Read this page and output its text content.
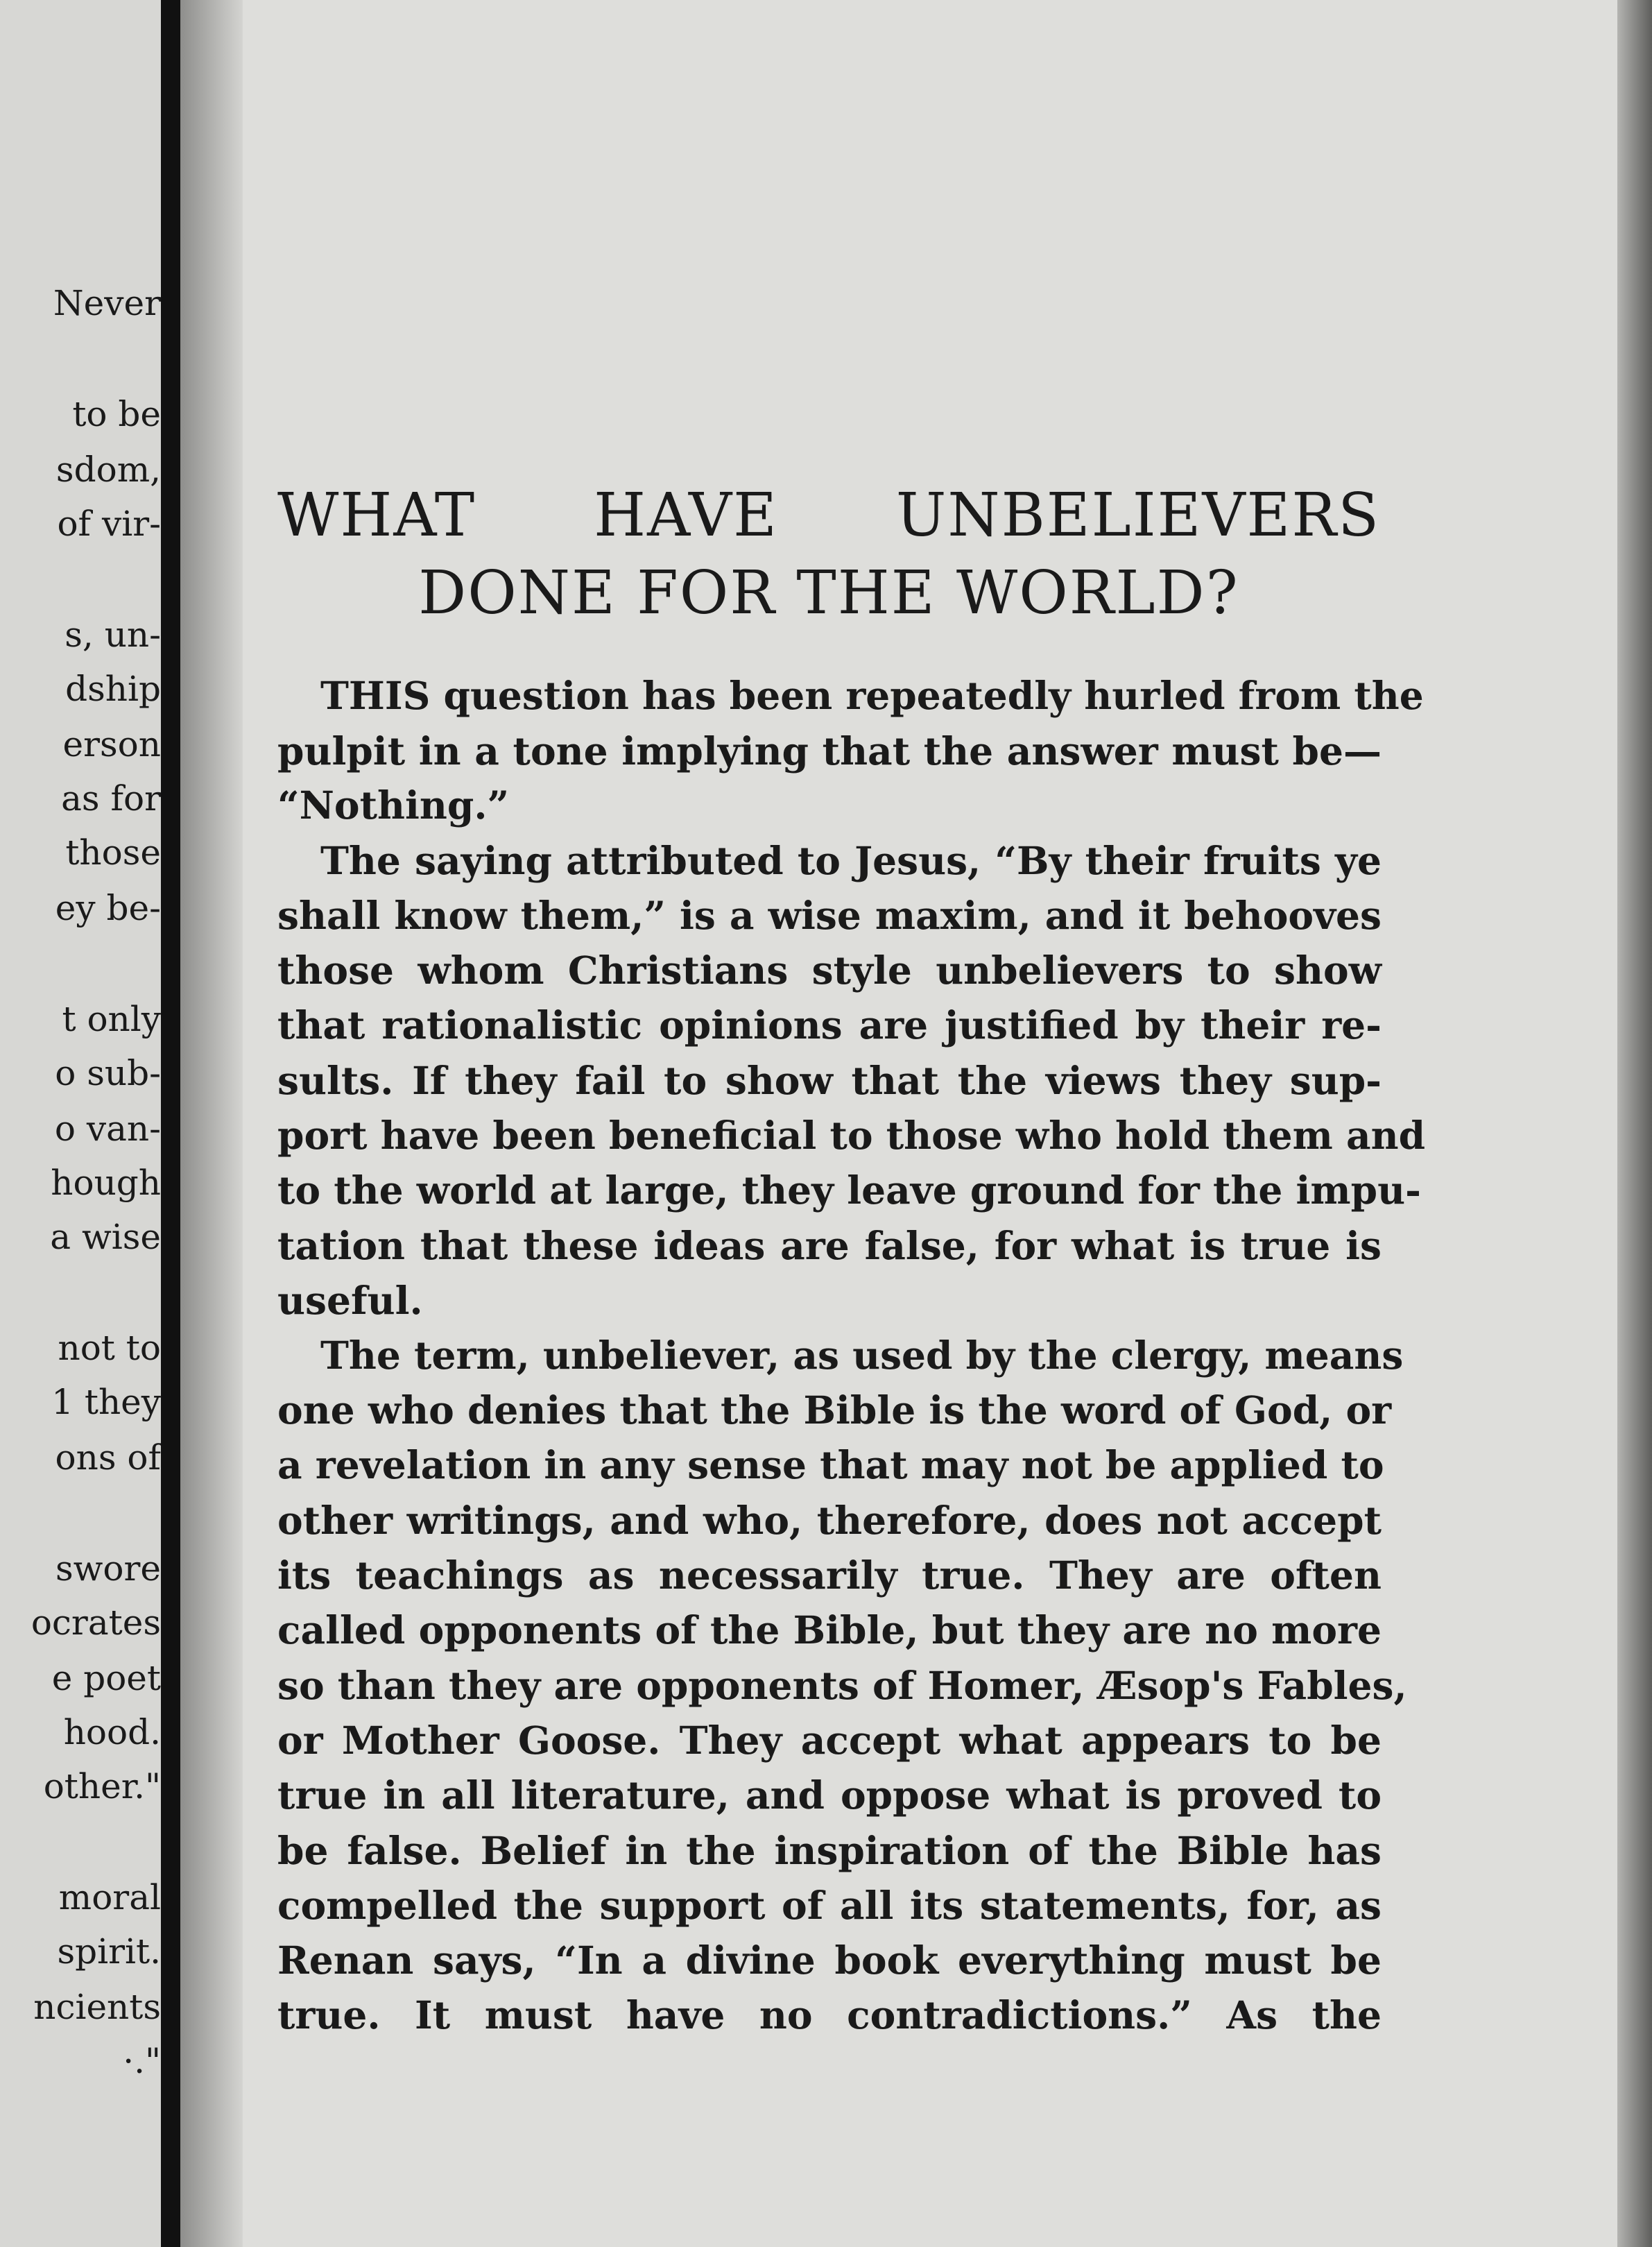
Never
to be
sdom,
of vir-
s, un-
dship
erson
as for
those
ey be-
t only
o sub-
o van-
hough
a wise
not to
1 they
ons of
swore
ocrates
e poet
hood.
other."
moral
spirit.
ncients
·."
WHAT HAVE UNBELIEVERS
DONE FOR THE WORLD?
THIS question has been repeatedly hurled from the
pulpit in a tone implying that the answer must be—
“Nothing.”
The saying attributed to Jesus, “By their fruits ye
shall know them,” is a wise maxim, and it behooves
those whom Christians style unbelievers to show
that rationalistic opinions are justified by their re-
sults. If they fail to show that the views they sup-
port have been beneficial to those who hold them and
to the world at large, they leave ground for the impu-
tation that these ideas are false, for what is true is
useful.
The term, unbeliever, as used by the clergy, means
one who denies that the Bible is the word of God, or
a revelation in any sense that may not be applied to
other writings, and who, therefore, does not accept
its teachings as necessarily true. They are often
called opponents of the Bible, but they are no more
so than they are opponents of Homer, Æsop's Fables,
or Mother Goose. They accept what appears to be
true in all literature, and oppose what is proved to
be false. Belief in the inspiration of the Bible has
compelled the support of all its statements, for, as
Renan says, “In a divine book everything must be
true. It must have no contradictions.” As the
